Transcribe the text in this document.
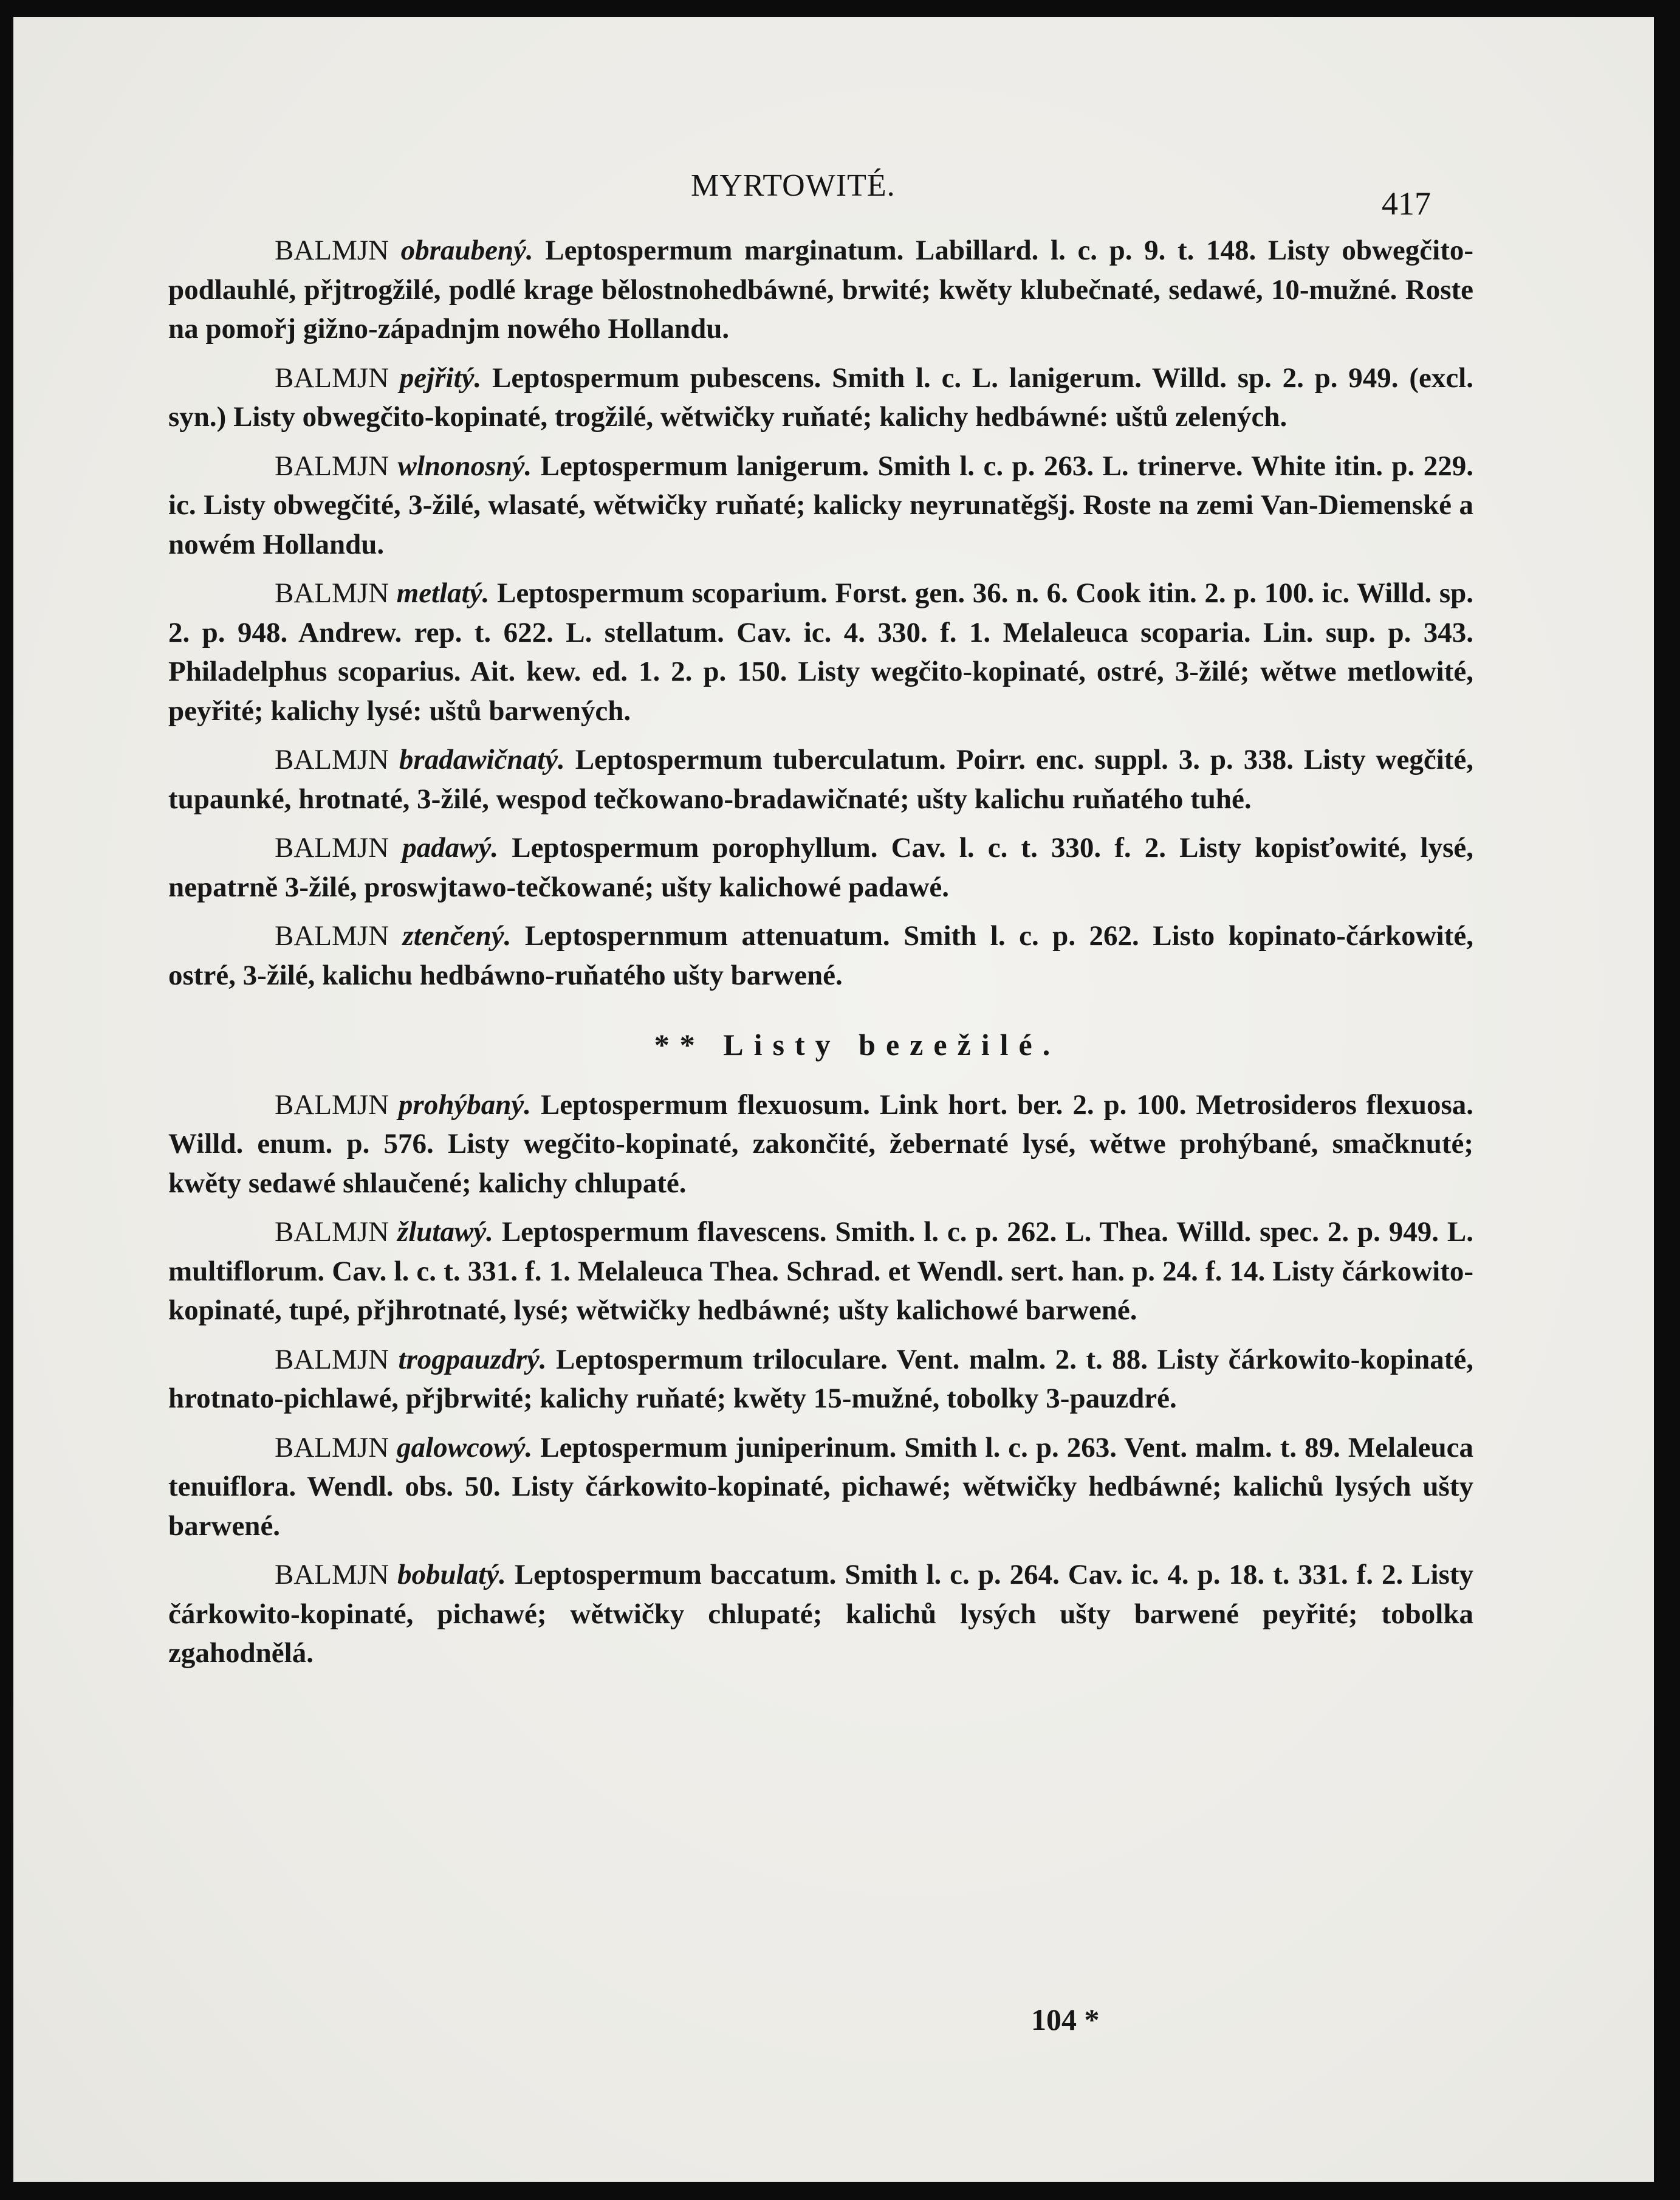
MYRTOWITÉ.	417

BALMJN obraubený. Leptospermum marginatum. Labillard. l. c. p. 9. t. 148. Listy obwegčito-podlauhlé, přjtrogžilé, podlé krage bělostnohedbáwné, brwité; kwěty klubečnaté, sedawé, 10-mužné. Roste na pomořj gižno-západnjm nowého Hollandu.

BALMJN pejřitý. Leptospermum pubescens. Smith l. c. L. lanigerum. Willd. sp. 2. p. 949. (excl. syn.) Listy obwegčito-kopinaté, trogžilé, wětwičky ruňaté; kalichy hedbáwné: uštů zelených.

BALMJN wlnonosný. Leptospermum lanigerum. Smith l. c. p. 263. L. trinerve. White itin. p. 229. ic. Listy obwegčité, 3-žilé, wlasaté, wětwičky ruňaté; kalicky neyrunatěgšj. Roste na zemi Van-Diemenské a nowém Hollandu.

BALMJN metlatý. Leptospermum scoparium. Forst. gen. 36. n. 6. Cook itin. 2. p. 100. ic. Willd. sp. 2. p. 948. Andrew. rep. t. 622. L. stellatum. Cav. ic. 4. 330. f. 1. Melaleuca scoparia. Lin. sup. p. 343. Philadelphus scoparius. Ait. kew. ed. 1. 2. p. 150. Listy wegčito-kopinaté, ostré, 3-žilé; wětwe metlowité, peyřité; kalichy lysé: uštů barwených.

BALMJN bradawičnatý. Leptospermum tuberculatum. Poirr. enc. suppl. 3. p. 338. Listy wegčité, tupaunké, hrotnaté, 3-žilé, wespod tečkowano-bradawičnaté; ušty kalichu ruňatého tuhé.

BALMJN padawý. Leptospermum porophyllum. Cav. l. c. t. 330. f. 2. Listy kopisťowité, lysé, nepatrně 3-žilé, proswjtawo-tečkowané; ušty kalichowé padawé.

BALMJN ztenčený. Leptospernmum attenuatum. Smith l. c. p. 262. Listo kopinato-čárkowité, ostré, 3-žilé, kalichu hedbáwno-ruňatého ušty barwené.

** Listy bezežilé.

BALMJN prohýbaný. Leptospermum flexuosum. Link hort. ber. 2. p. 100. Metrosideros flexuosa. Willd. enum. p. 576. Listy wegčito-kopinaté, zakončité, žebernaté lysé, wětwe prohýbané, smačknuté; kwěty sedawé shlaučené; kalichy chlupaté.

BALMJN žlutawý. Leptospermum flavescens. Smith. l. c. p. 262. L. Thea. Willd. spec. 2. p. 949. L. multiflorum. Cav. l. c. t. 331. f. 1. Melaleuca Thea. Schrad. et Wendl. sert. han. p. 24. f. 14. Listy čárkowito-kopinaté, tupé, přjhrotnaté, lysé; wětwičky hedbáwné; ušty kalichowé barwené.

BALMJN trogpauzdrý. Leptospermum triloculare. Vent. malm. 2. t. 88. Listy čárkowito-kopinaté, hrotnato-pichlawé, přjbrwité; kalichy ruňaté; kwěty 15-mužné, tobolky 3-pauzdré.

BALMJN galowcowý. Leptospermum juniperinum. Smith l. c. p. 263. Vent. malm. t. 89. Melaleuca tenuiflora. Wendl. obs. 50. Listy čárkowito-kopinaté, pichawé; wětwičky hedbáwné; kalichů lysých ušty barwené.

BALMJN bobulatý. Leptospermum baccatum. Smith l. c. p. 264. Cav. ic. 4. p. 18. t. 331. f. 2. Listy čárkowito-kopinaté, pichawé; wětwičky chlupaté; kalichů lysých ušty barwené peyřité; tobolka zgahodnělá.

104 *
